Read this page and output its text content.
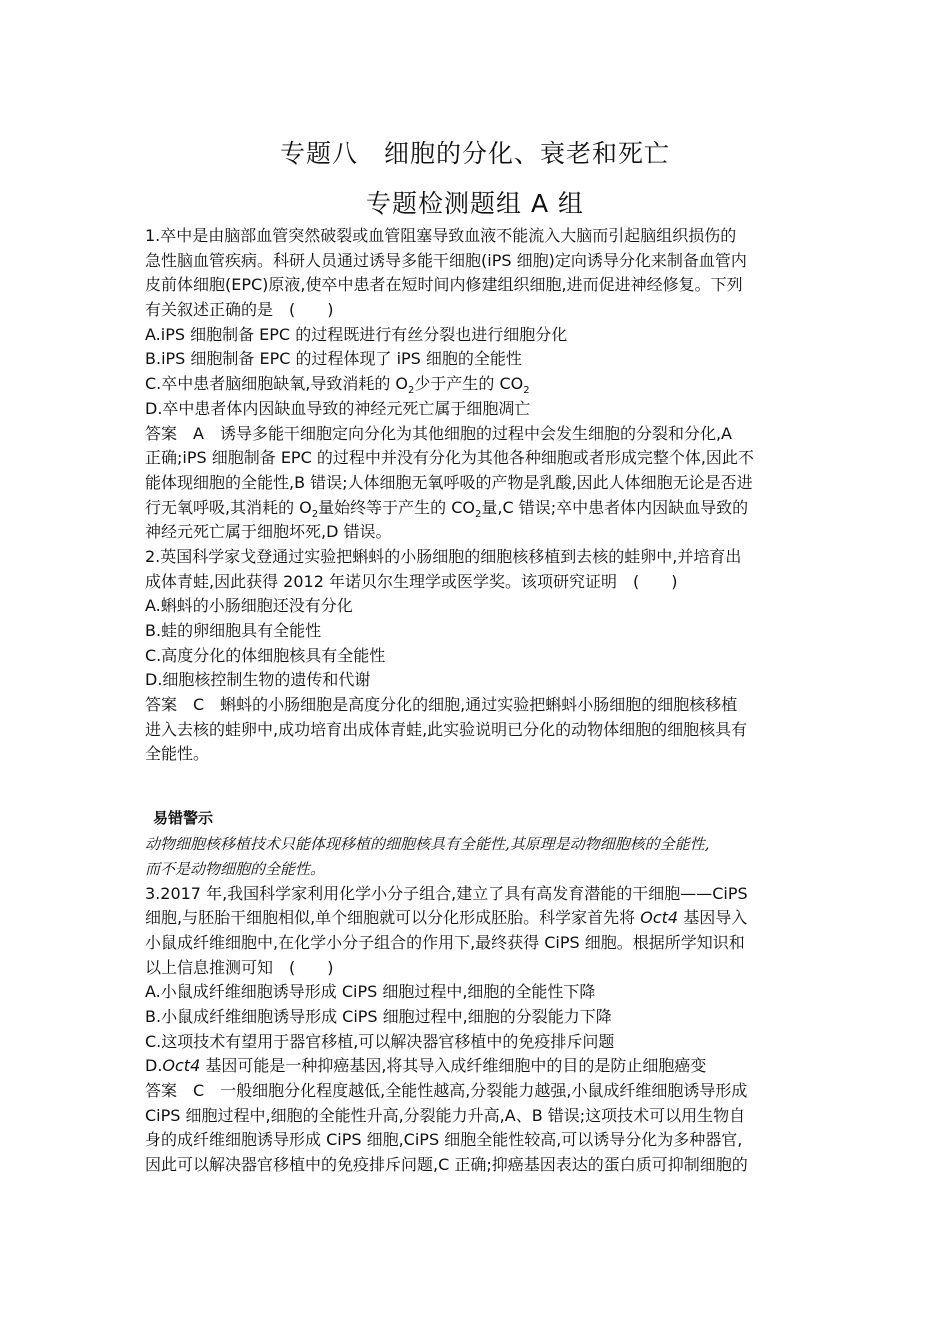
专题八　细胞的分化、衰老和死亡
专题检测题组 A 组
1.卒中是由脑部血管突然破裂或血管阻塞导致血液不能流入大脑而引起脑组织损伤的
急性脑血管疾病。科研人员通过诱导多能干细胞(iPS 细胞)定向诱导分化来制备血管内
皮前体细胞(EPC)原液,使卒中患者在短时间内修建组织细胞,进而促进神经修复。下列
有关叙述正确的是　(　　)
A.iPS 细胞制备 EPC 的过程既进行有丝分裂也进行细胞分化
B.iPS 细胞制备 EPC 的过程体现了 iPS 细胞的全能性
C.卒中患者脑细胞缺氧,导致消耗的 $O_2$少于产生的 $CO_2$
D.卒中患者体内因缺血导致的神经元死亡属于细胞凋亡
答案　A　诱导多能干细胞定向分化为其他细胞的过程中会发生细胞的分裂和分化,A
正确;iPS 细胞制备 EPC 的过程中并没有分化为其他各种细胞或者形成完整个体,因此不
能体现细胞的全能性,B 错误;人体细胞无氧呼吸的产物是乳酸,因此人体细胞无论是否进
行无氧呼吸,其消耗的 $O_2$量始终等于产生的 $CO_2$量,C 错误;卒中患者体内因缺血导致的
神经元死亡属于细胞坏死,D 错误。
2.英国科学家戈登通过实验把蝌蚪的小肠细胞的细胞核移植到去核的蛙卵中,并培育出
成体青蛙,因此获得 2012 年诺贝尔生理学或医学奖。该项研究证明　(　　)
A.蝌蚪的小肠细胞还没有分化
B.蛙的卵细胞具有全能性
C.高度分化的体细胞核具有全能性
D.细胞核控制生物的遗传和代谢
答案　C　蝌蚪的小肠细胞是高度分化的细胞,通过实验把蝌蚪小肠细胞的细胞核移植
进入去核的蛙卵中,成功培育出成体青蛙,此实验说明已分化的动物体细胞的细胞核具有
全能性。
易错警示
动物细胞核移植技术只能体现移植的细胞核具有全能性,其原理是动物细胞核的全能性,
而不是动物细胞的全能性。
3.2017 年,我国科学家利用化学小分子组合,建立了具有高发育潜能的干细胞——CiPS
细胞,与胚胎干细胞相似,单个细胞就可以分化形成胚胎。科学家首先将 Oct4 基因导入
小鼠成纤维细胞中,在化学小分子组合的作用下,最终获得 CiPS 细胞。根据所学知识和
以上信息推测可知　(　　)
A.小鼠成纤维细胞诱导形成 CiPS 细胞过程中,细胞的全能性下降
B.小鼠成纤维细胞诱导形成 CiPS 细胞过程中,细胞的分裂能力下降
C.这项技术有望用于器官移植,可以解决器官移植中的免疫排斥问题
D.Oct4 基因可能是一种抑癌基因,将其导入成纤维细胞中的目的是防止细胞癌变
答案　C　一般细胞分化程度越低,全能性越高,分裂能力越强,小鼠成纤维细胞诱导形成
CiPS 细胞过程中,细胞的全能性升高,分裂能力升高,A、B 错误;这项技术可以用生物自
身的成纤维细胞诱导形成 CiPS 细胞,CiPS 细胞全能性较高,可以诱导分化为多种器官,
因此可以解决器官移植中的免疫排斥问题,C 正确;抑癌基因表达的蛋白质可抑制细胞的
